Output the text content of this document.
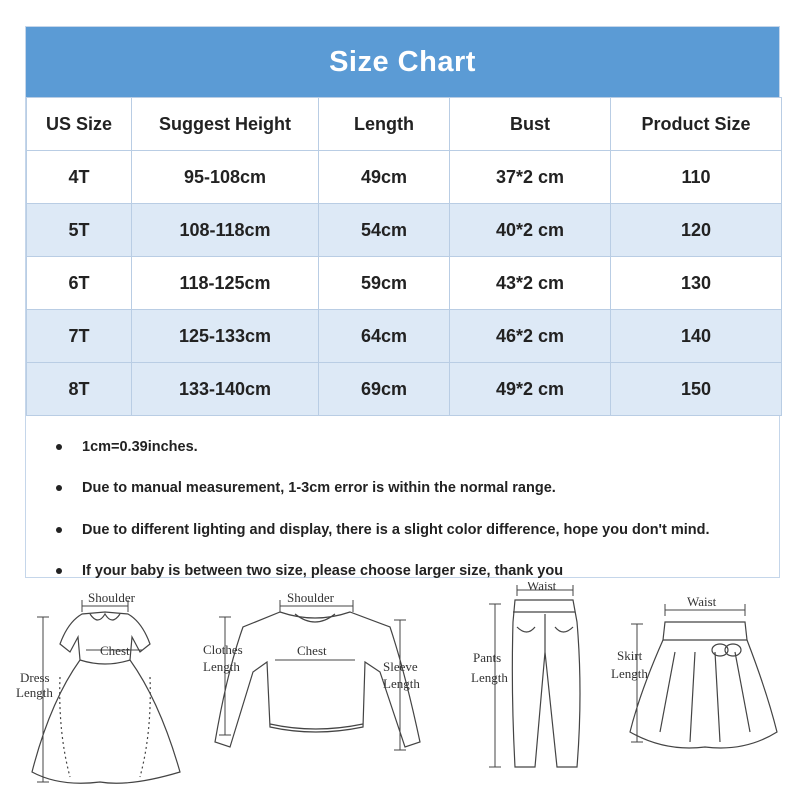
Size Chart
US Size	Suggest Height	Length	Bust	Product Size
4T	95-108cm	49cm	37*2 cm	110
5T	108-118cm	54cm	40*2 cm	120
6T	118-125cm	59cm	43*2 cm	130
7T	125-133cm	64cm	46*2 cm	140
8T	133-140cm	69cm	49*2 cm	150
1cm=0.39inches.
Due to manual measurement, 1-3cm error is within the normal range.
Due to different lighting and display, there is a slight color difference, hope you don't mind.
If your baby is between two size, please choose larger size, thank you
Shoulder
Chest
Dress
Length
Shoulder
Chest
Clothes
Length	Sleeve
Length
Waist
Pants
Length
Waist
Skirt
Length
